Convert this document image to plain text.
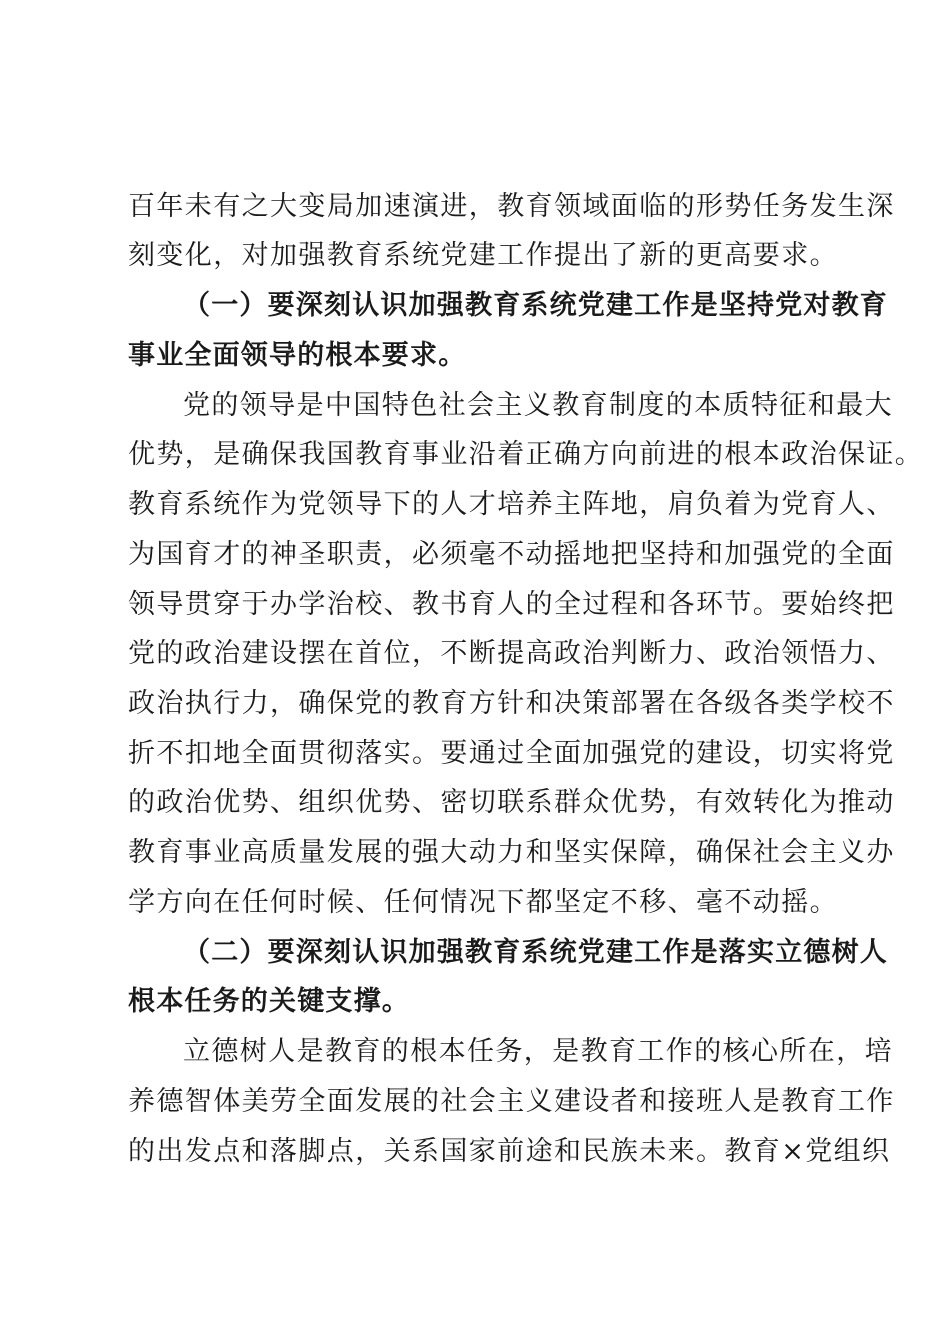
百年未有之大变局加速演进，教育领域面临的形势任务发生深
刻变化，对加强教育系统党建工作提出了新的更高要求。
（一）要深刻认识加强教育系统党建工作是坚持党对教育
事业全面领导的根本要求。
党的领导是中国特色社会主义教育制度的本质特征和最大
优势，是确保我国教育事业沿着正确方向前进的根本政治保证。
教育系统作为党领导下的人才培养主阵地，肩负着为党育人、
为国育才的神圣职责，必须毫不动摇地把坚持和加强党的全面
领导贯穿于办学治校、教书育人的全过程和各环节。要始终把
党的政治建设摆在首位，不断提高政治判断力、政治领悟力、
政治执行力，确保党的教育方针和决策部署在各级各类学校不
折不扣地全面贯彻落实。要通过全面加强党的建设，切实将党
的政治优势、组织优势、密切联系群众优势，有效转化为推动
教育事业高质量发展的强大动力和坚实保障，确保社会主义办
学方向在任何时候、任何情况下都坚定不移、毫不动摇。
（二）要深刻认识加强教育系统党建工作是落实立德树人
根本任务的关键支撑。
立德树人是教育的根本任务，是教育工作的核心所在，培
养德智体美劳全面发展的社会主义建设者和接班人是教育工作
的出发点和落脚点，关系国家前途和民族未来。教育×党组织
